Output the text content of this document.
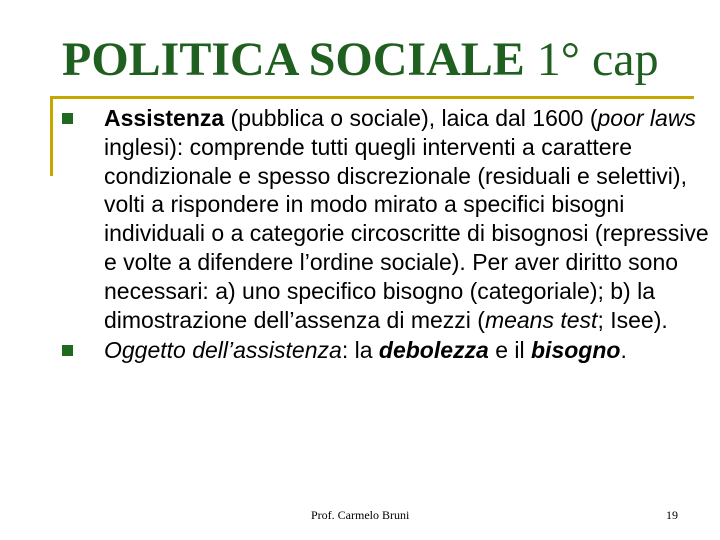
POLITICA SOCIALE 1° cap
Assistenza (pubblica o sociale), laica dal 1600 (poor laws inglesi): comprende tutti quegli interventi a carattere condizionale e spesso discrezionale (residuali e selettivi), volti a rispondere in modo mirato a specifici bisogni individuali o a categorie circoscritte di bisognosi (repressive e volte a difendere l’ordine sociale). Per aver diritto sono necessari: a) uno specifico bisogno (categoriale); b) la dimostrazione dell’assenza di mezzi (means test; Isee).
Oggetto dell’assistenza: la debolezza e il bisogno.
Prof. Carmelo Bruni	19
